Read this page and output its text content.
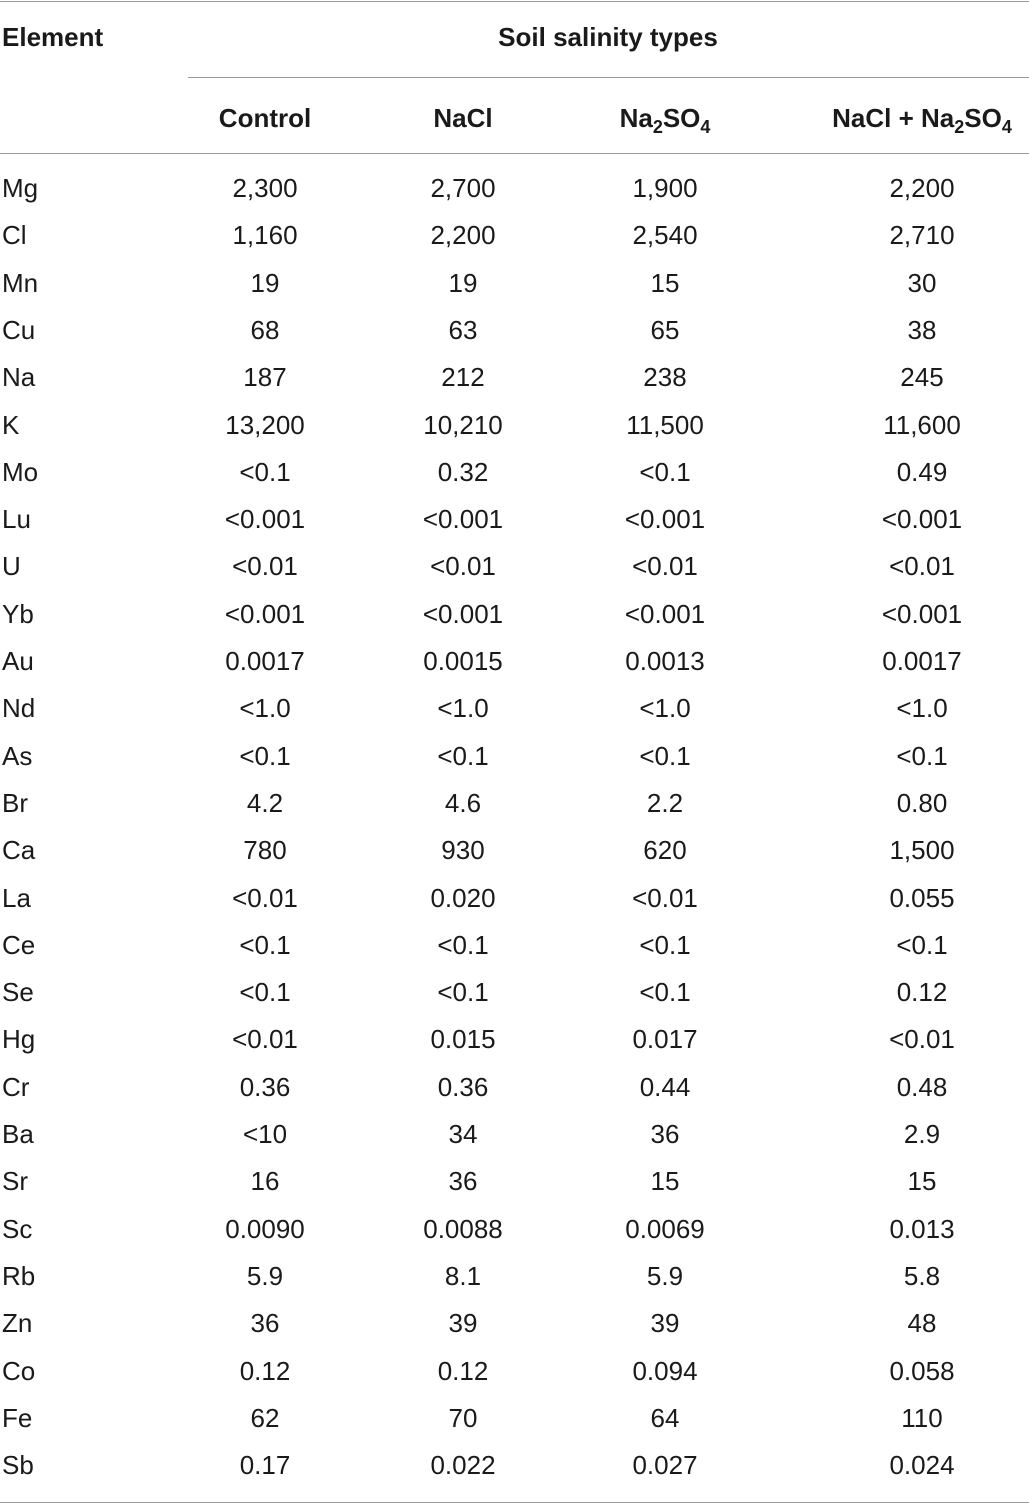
Element	Soil salinity types
Control	NaCl	$Na_2SO_4$	NaCl + $Na_2SO_4$
Mg	2,300	2,700	1,900	2,200
Cl	1,160	2,200	2,540	2,710
Mn	19	19	15	30
Cu	68	63	65	38
Na	187	212	238	245
K	13,200	10,210	11,500	11,600
Mo	<0.1	0.32	<0.1	0.49
Lu	<0.001	<0.001	<0.001	<0.001
U	<0.01	<0.01	<0.01	<0.01
Yb	<0.001	<0.001	<0.001	<0.001
Au	0.0017	0.0015	0.0013	0.0017
Nd	<1.0	<1.0	<1.0	<1.0
As	<0.1	<0.1	<0.1	<0.1
Br	4.2	4.6	2.2	0.80
Ca	780	930	620	1,500
La	<0.01	0.020	<0.01	0.055
Ce	<0.1	<0.1	<0.1	<0.1
Se	<0.1	<0.1	<0.1	0.12
Hg	<0.01	0.015	0.017	<0.01
Cr	0.36	0.36	0.44	0.48
Ba	<10	34	36	2.9
Sr	16	36	15	15
Sc	0.0090	0.0088	0.0069	0.013
Rb	5.9	8.1	5.9	5.8
Zn	36	39	39	48
Co	0.12	0.12	0.094	0.058
Fe	62	70	64	110
Sb	0.17	0.022	0.027	0.024
